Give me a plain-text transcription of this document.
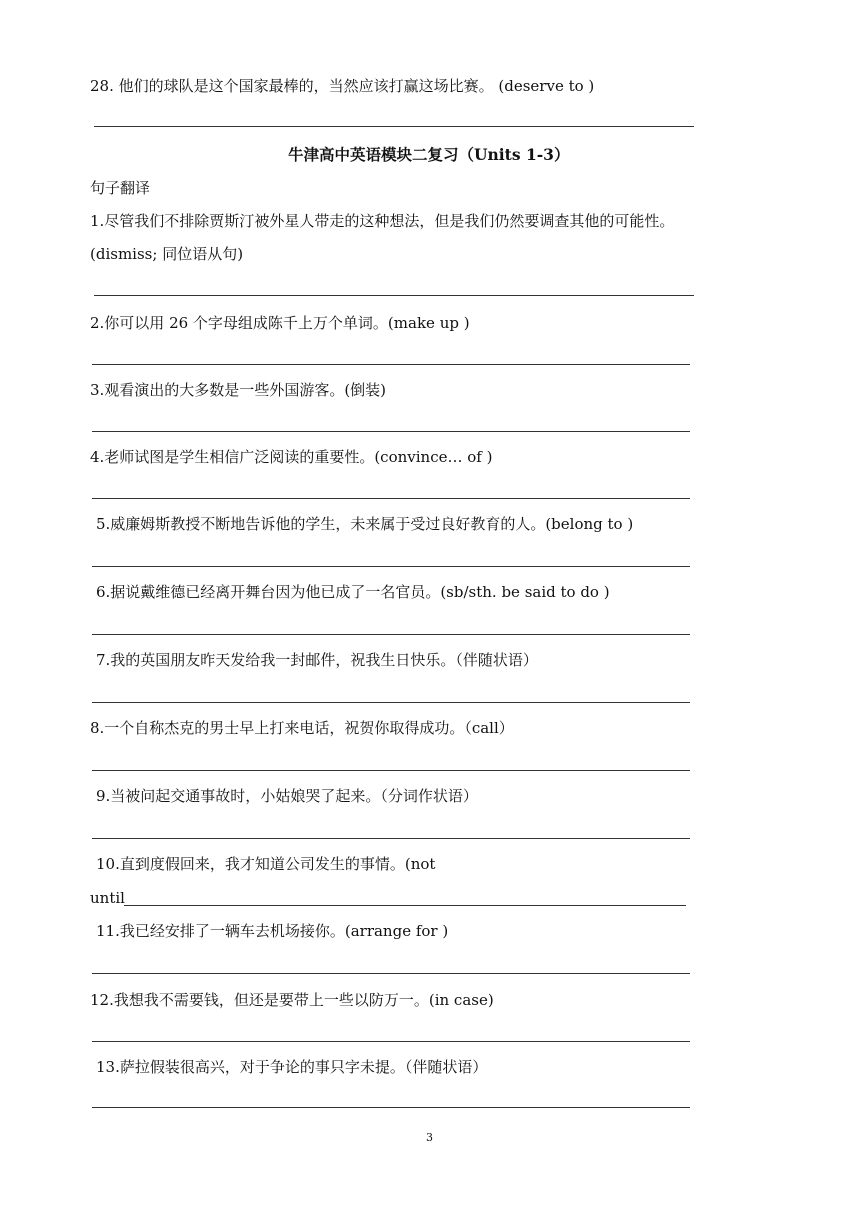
28. 他们的球队是这个国家最棒的，当然应该打赢这场比赛。 (deserve to )
牛津高中英语模块二复习（Units 1-3）
句子翻译
1.尽管我们不排除贾斯汀被外星人带走的这种想法，但是我们仍然要调查其他的可能性。
(dismiss; 同位语从句)
2.你可以用 26 个字母组成陈千上万个单词。(make up )
3.观看演出的大多数是一些外国游客。(倒装)
4.老师试图是学生相信广泛阅读的重要性。(convince… of )
5.威廉姆斯教授不断地告诉他的学生，未来属于受过良好教育的人。(belong to )
6.据说戴维德已经离开舞台因为他已成了一名官员。(sb/sth. be said to do )
7.我的英国朋友昨天发给我一封邮件，祝我生日快乐。（伴随状语）
8.一个自称杰克的男士早上打来电话，祝贺你取得成功。（call）
9.当被问起交通事故时，小姑娘哭了起来。（分词作状语）
10.直到度假回来，我才知道公司发生的事情。(not
until
11.我已经安排了一辆车去机场接你。(arrange for )
12.我想我不需要钱，但还是要带上一些以防万一。(in case)
13.萨拉假装很高兴，对于争论的事只字未提。（伴随状语）
3
